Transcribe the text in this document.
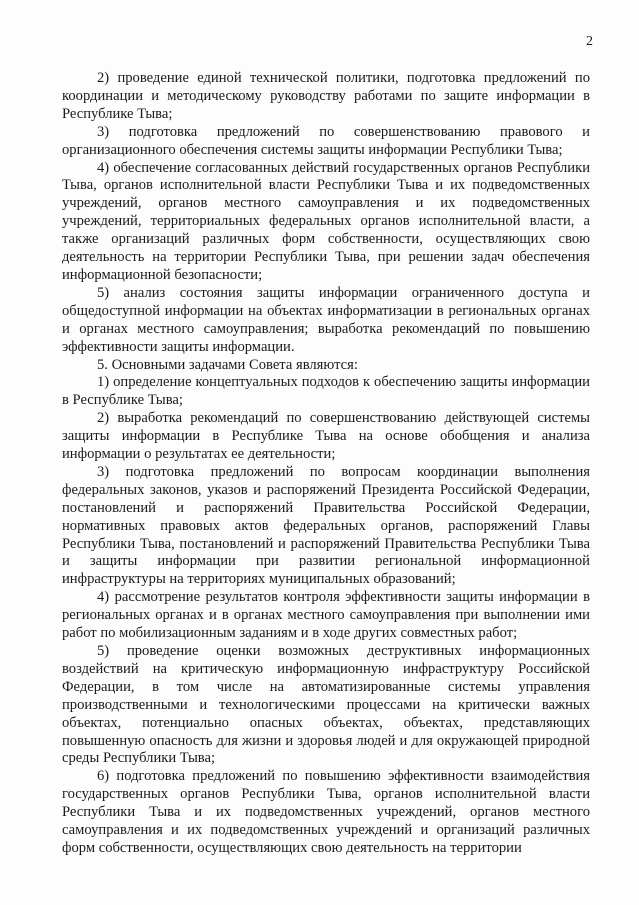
2

2) проведение единой технической политики, подготовка предложений по координации и методическому руководству работами по защите информации в Республике Тыва;

3) подготовка предложений по совершенствованию правового и организационного обеспечения системы защиты информации Республики Тыва;

4) обеспечение согласованных действий государственных органов Республики Тыва, органов исполнительной власти Республики Тыва и их подведомственных учреждений, органов местного самоуправления и их подведомственных учреждений, территориальных федеральных органов исполнительной власти, а также организаций различных форм собственности, осуществляющих свою деятельность на территории Республики Тыва, при решении задач обеспечения информационной безопасности;

5) анализ состояния защиты информации ограниченного доступа и общедоступной информации на объектах информатизации в региональных органах и органах местного самоуправления; выработка рекомендаций по повышению эффективности защиты информации.

5. Основными задачами Совета являются:

1) определение концептуальных подходов к обеспечению защиты информации в Республике Тыва;

2) выработка рекомендаций по совершенствованию действующей системы защиты информации в Республике Тыва на основе обобщения и анализа информации о результатах ее деятельности;

3) подготовка предложений по вопросам координации выполнения федеральных законов, указов и распоряжений Президента Российской Федерации, постановлений и распоряжений Правительства Российской Федерации, нормативных правовых актов федеральных органов, распоряжений Главы Республики Тыва, постановлений и распоряжений Правительства Республики Тыва и защиты информации при развитии региональной информационной инфраструктуры на территориях муниципальных образований;

4) рассмотрение результатов контроля эффективности защиты информации в региональных органах и в органах местного самоуправления при выполнении ими работ по мобилизационным заданиям и в ходе других совместных работ;

5) проведение оценки возможных деструктивных информационных воздействий на критическую информационную инфраструктуру Российской Федерации, в том числе на автоматизированные системы управления производственными и технологическими процессами на критически важных объектах, потенциально опасных объектах, объектах, представляющих повышенную опасность для жизни и здоровья людей и для окружающей природной среды Республики Тыва;

6) подготовка предложений по повышению эффективности взаимодействия государственных органов Республики Тыва, органов исполнительной власти Республики Тыва и их подведомственных учреждений, органов местного самоуправления и их подведомственных учреждений и организаций различных форм собственности, осуществляющих свою деятельность на территории
